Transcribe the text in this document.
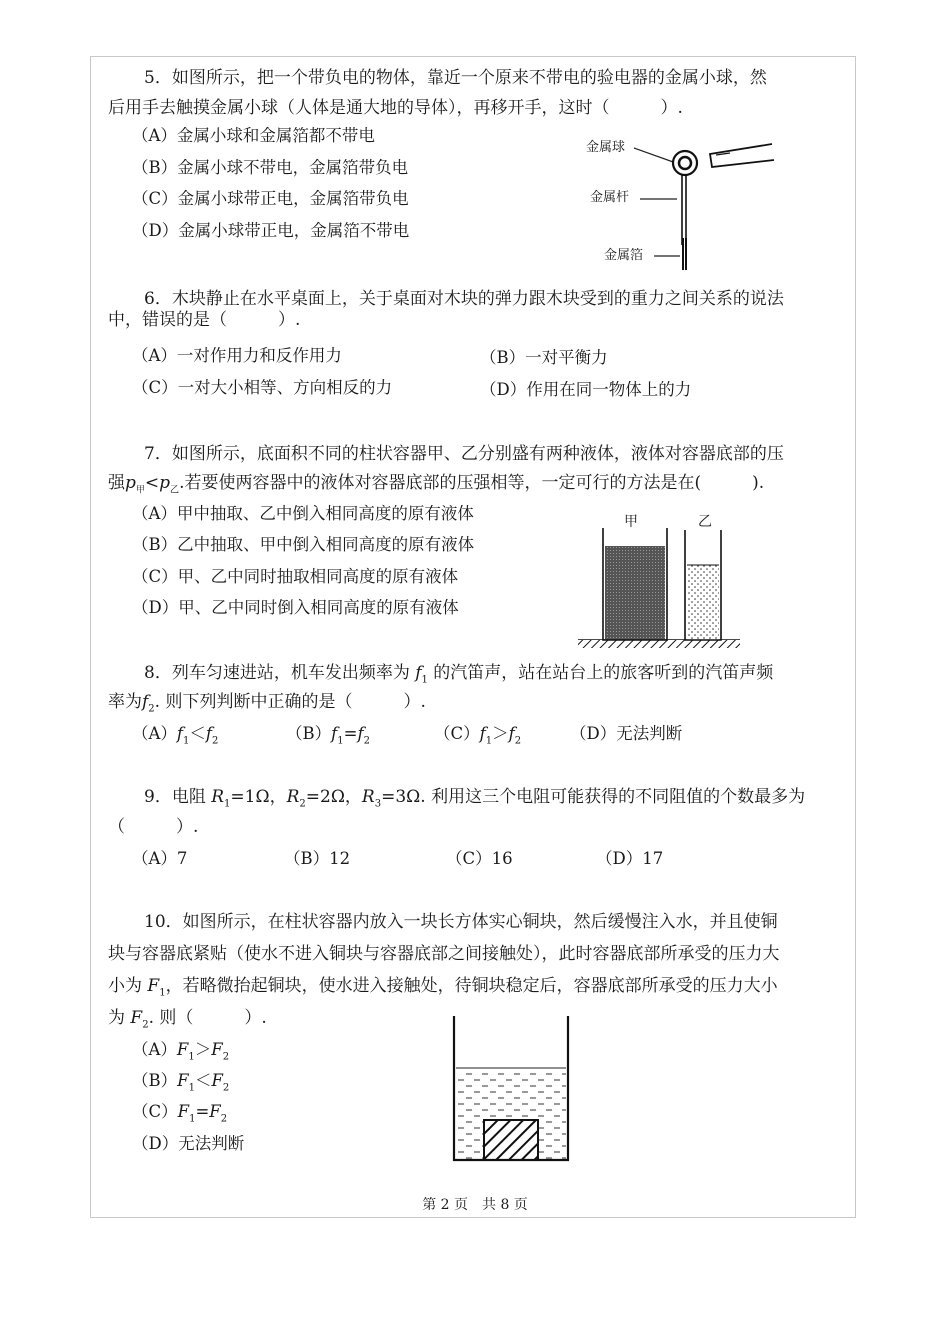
5．如图所示，把一个带负电的物体，靠近一个原来不带电的验电器的金属小球，然
后用手去触摸金属小球（人体是通大地的导体），再移开手，这时（　　　）.
（A）金属小球和金属箔都不带电
（B）金属小球不带电，金属箔带负电
（C）金属小球带正电，金属箔带负电
（D）金属小球带正电，金属箔不带电
金属球
金属杆
金属箔
6．木块静止在水平桌面上，关于桌面对木块的弹力跟木块受到的重力之间关系的说法
中，错误的是（　　　）.
（A）一对作用力和反作用力	（B）一对平衡力
（C）一对大小相等、方向相反的力	（D）作用在同一物体上的力
7．如图所示，底面积不同的柱状容器甲、乙分别盛有两种液体，液体对容器底部的压
强$p_甲<p_乙$.若要使两容器中的液体对容器底部的压强相等，一定可行的方法是在(　　　).
（A）甲中抽取、乙中倒入相同高度的原有液体
（B）乙中抽取、甲中倒入相同高度的原有液体
（C）甲、乙中同时抽取相同高度的原有液体
（D）甲、乙中同时倒入相同高度的原有液体
甲	乙
8．列车匀速进站，机车发出频率为 $f_1$ 的汽笛声，站在站台上的旅客听到的汽笛声频
率为$f_2$. 则下列判断中正确的是（　　　）.
$(A)f_1<f_2$	$(B)f_1=f_2$	$(C)f_1>f_2$	（D）无法判断
9．电阻 $R_1=1\Omega$，$R_2=2\Omega$，$R_3=3\Omega$. 利用这三个电阻可能获得的不同阻值的个数最多为
（　　　）.
（A）7	（B）12	（C）16	（D）17
10．如图所示，在柱状容器内放入一块长方体实心铜块，然后缓慢注入水，并且使铜
块与容器底紧贴（使水不进入铜块与容器底部之间接触处），此时容器底部所承受的压力大
小为 $F_1$，若略微抬起铜块，使水进入接触处，待铜块稳定后，容器底部所承受的压力大小
为 $F_2$. 则（　　　）.
$(A)F_1>F_2$
$(B)F_1<F_2$
$(C)F_1=F_2$
（D）无法判断
第 2 页　共 8 页
